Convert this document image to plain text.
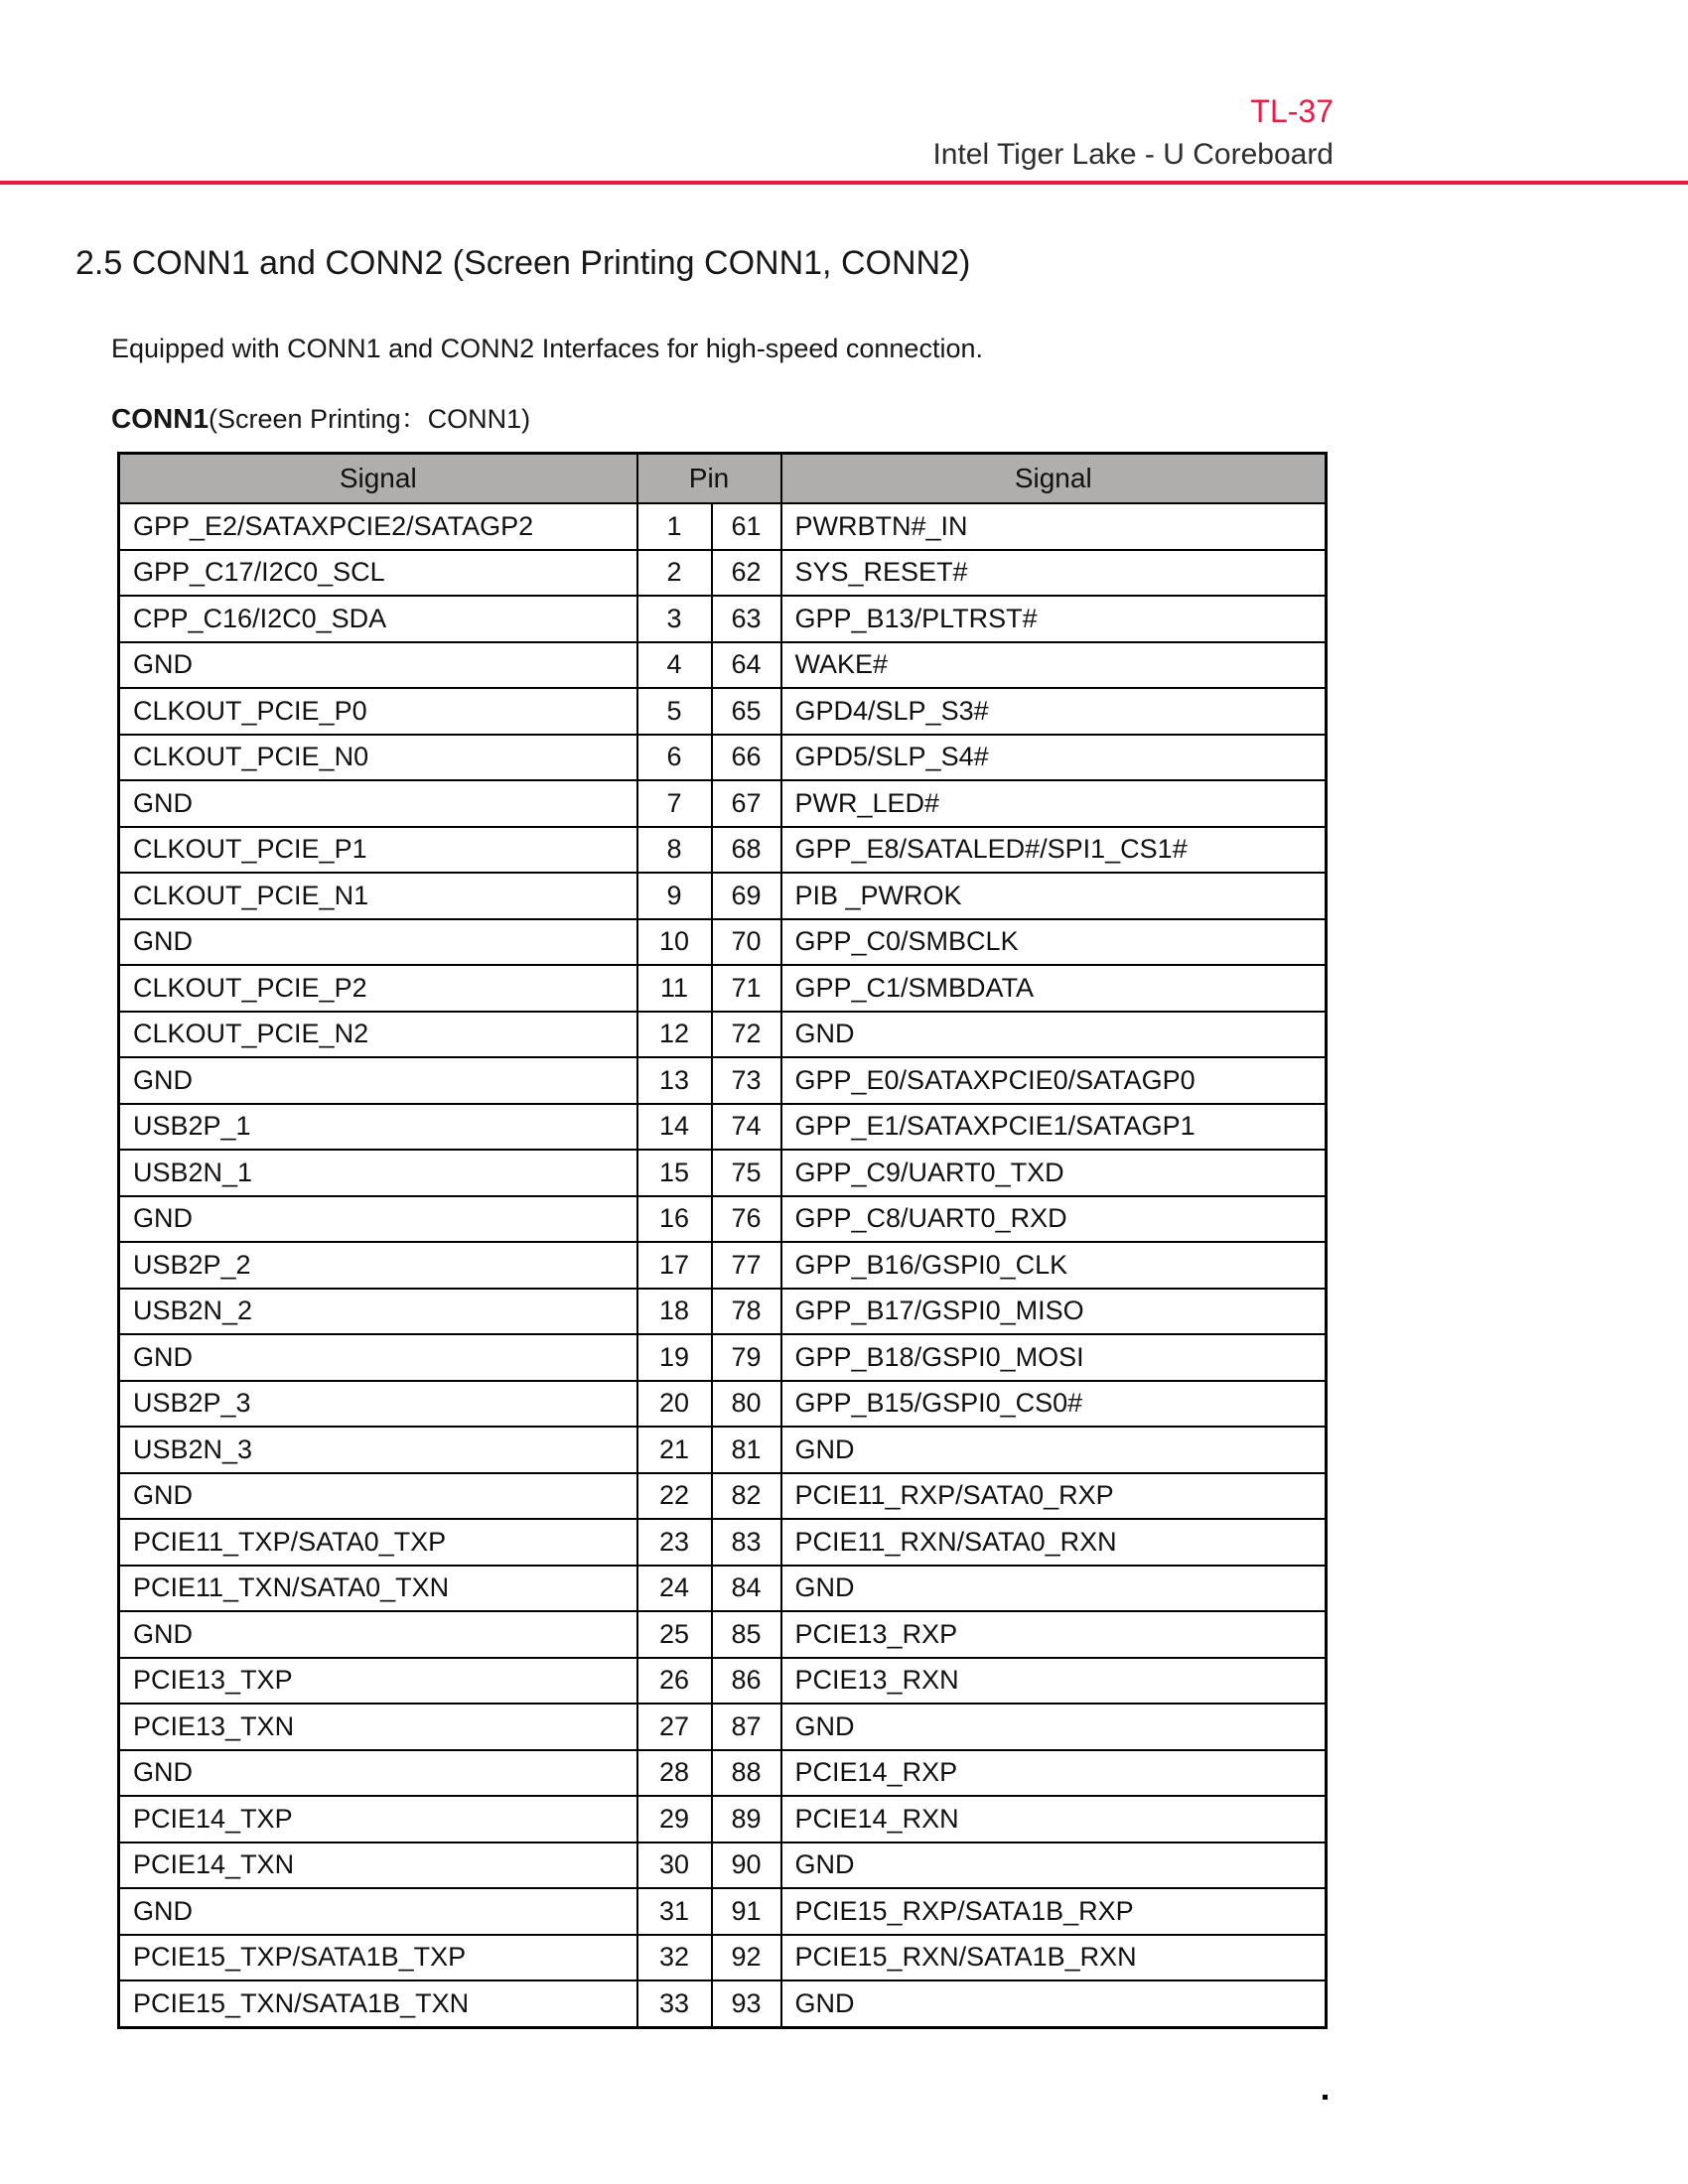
TL-37
Intel Tiger Lake - U Coreboard
2.5 CONN1 and CONN2 (Screen Printing CONN1, CONN2)
Equipped with CONN1 and CONN2 Interfaces for high-speed connection.
CONN1(Screen Printing：CONN1)
Signal	Pin		Signal
GPP_E2/SATAXPCIE2/SATAGP2	1	61	PWRBTN#_IN
GPP_C17/I2C0_SCL	2	62	SYS_RESET#
CPP_C16/I2C0_SDA	3	63	GPP_B13/PLTRST#
GND	4	64	WAKE#
CLKOUT_PCIE_P0	5	65	GPD4/SLP_S3#
CLKOUT_PCIE_N0	6	66	GPD5/SLP_S4#
GND	7	67	PWR_LED#
CLKOUT_PCIE_P1	8	68	GPP_E8/SATALED#/SPI1_CS1#
CLKOUT_PCIE_N1	9	69	PIB _PWROK
GND	10	70	GPP_C0/SMBCLK
CLKOUT_PCIE_P2	11	71	GPP_C1/SMBDATA
CLKOUT_PCIE_N2	12	72	GND
GND	13	73	GPP_E0/SATAXPCIE0/SATAGP0
USB2P_1	14	74	GPP_E1/SATAXPCIE1/SATAGP1
USB2N_1	15	75	GPP_C9/UART0_TXD
GND	16	76	GPP_C8/UART0_RXD
USB2P_2	17	77	GPP_B16/GSPI0_CLK
USB2N_2	18	78	GPP_B17/GSPI0_MISO
GND	19	79	GPP_B18/GSPI0_MOSI
USB2P_3	20	80	GPP_B15/GSPI0_CS0#
USB2N_3	21	81	GND
GND	22	82	PCIE11_RXP/SATA0_RXP
PCIE11_TXP/SATA0_TXP	23	83	PCIE11_RXN/SATA0_RXN
PCIE11_TXN/SATA0_TXN	24	84	GND
GND	25	85	PCIE13_RXP
PCIE13_TXP	26	86	PCIE13_RXN
PCIE13_TXN	27	87	GND
GND	28	88	PCIE14_RXP
PCIE14_TXP	29	89	PCIE14_RXN
PCIE14_TXN	30	90	GND
GND	31	91	PCIE15_RXP/SATA1B_RXP
PCIE15_TXP/SATA1B_TXP	32	92	PCIE15_RXN/SATA1B_RXN
PCIE15_TXN/SATA1B_TXN	33	93	GND
